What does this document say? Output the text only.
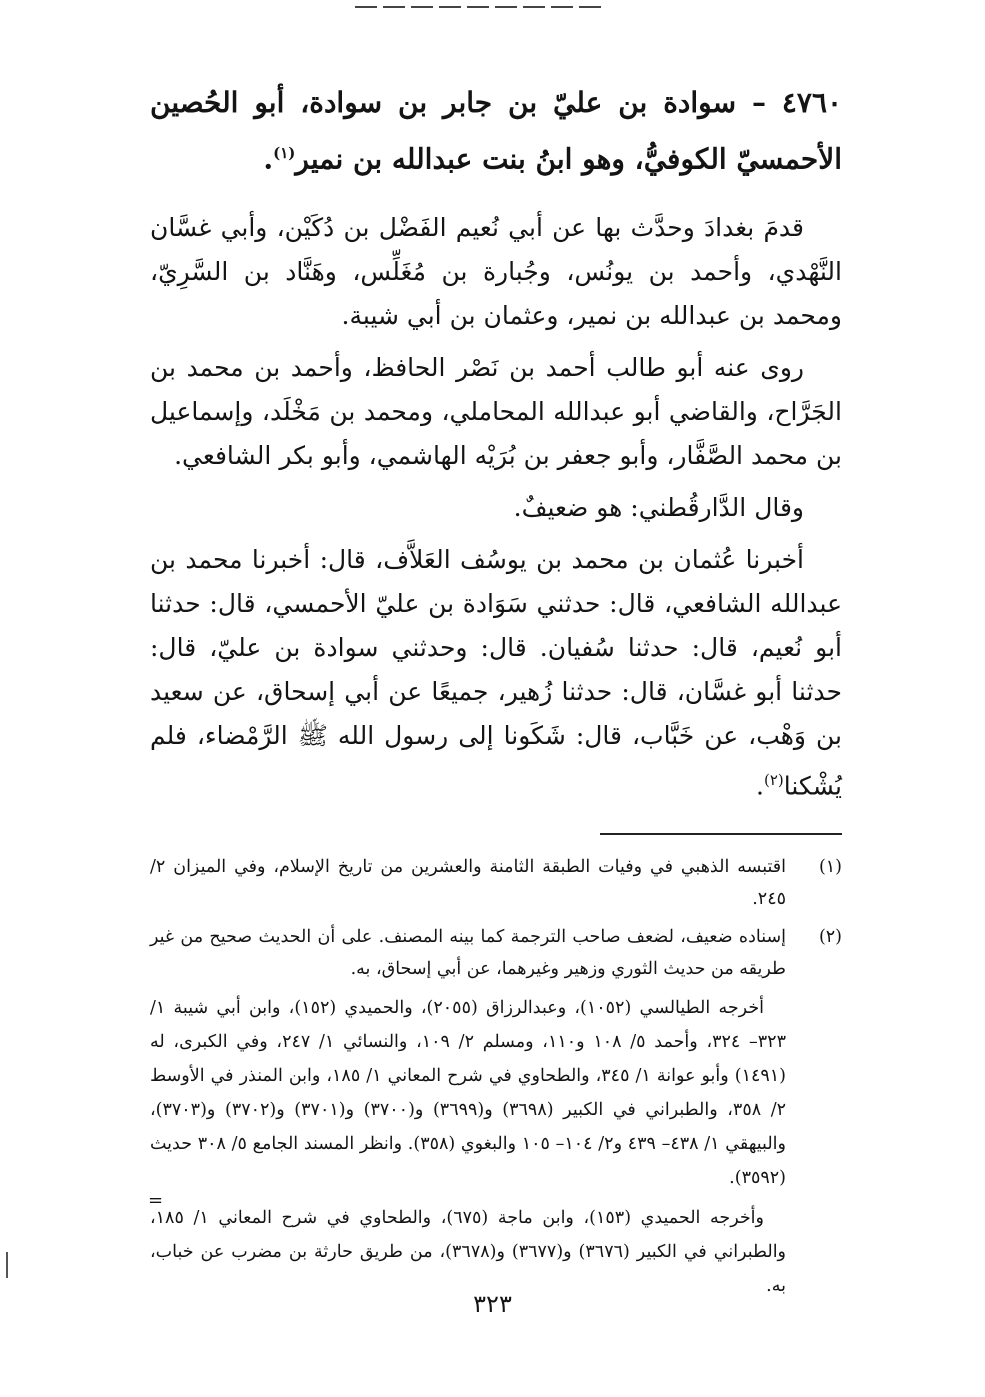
٤٧٦٠ – سوادة بن عليّ بن جابر بن سوادة، أبو الحُصين الأحمسيّ الكوفيُّ، وهو ابنُ بنت عبدالله بن نمير$^{(١)}$.

قدمَ بغدادَ وحدَّث بها عن أبي نُعيم الفَضْل بن دُكَيْن، وأبي غسَّان النَّهْدي، وأحمد بن يونُس، وجُبارة بن مُغَلِّس، وهَنَّاد بن السَّرِيّ، ومحمد بن عبدالله بن نمير، وعثمان بن أبي شيبة.

روى عنه أبو طالب أحمد بن نَصْر الحافظ، وأحمد بن محمد بن الجَرَّاح، والقاضي أبو عبدالله المحاملي، ومحمد بن مَخْلَد، وإسماعيل بن محمد الصَّفَّار، وأبو جعفر بن بُرَيْه الهاشمي، وأبو بكر الشافعي.

وقال الدَّارقُطني: هو ضعيفٌ.

أخبرنا عُثمان بن محمد بن يوسُف العَلاَّف، قال: أخبرنا محمد بن عبدالله الشافعي، قال: حدثني سَوَادة بن عليّ الأحمسي، قال: حدثنا أبو نُعيم، قال: حدثنا سُفيان. قال: وحدثني سوادة بن عليّ، قال: حدثنا أبو غسَّان، قال: حدثنا زُهير، جميعًا عن أبي إسحاق، عن سعيد بن وَهْب، عن خَبَّاب، قال: شَكَونا إلى رسول الله ﷺ الرَّمْضاء، فلم يُشْكنا$^{(٢)}$.

(١)
اقتبسه الذهبي في وفيات الطبقة الثامنة والعشرين من تاريخ الإسلام، وفي الميزان ٢/ ٢٤٥.
(٢)
إسناده ضعيف، لضعف صاحب الترجمة كما بينه المصنف. على أن الحديث صحيح من غير طريقه من حديث الثوري وزهير وغيرهما، عن أبي إسحاق، به.

أخرجه الطيالسي (١٠٥٢)، وعبدالرزاق (٢٠٥٥)، والحميدي (١٥٢)، وابن أبي شيبة ١/ ٣٢٣– ٣٢٤، وأحمد ٥/ ١٠٨ و١١٠، ومسلم ٢/ ١٠٩، والنسائي ١/ ٢٤٧، وفي الكبرى، له (١٤٩١) وأبو عوانة ١/ ٣٤٥، والطحاوي في شرح المعاني ١/ ١٨٥، وابن المنذر في الأوسط ٢/ ٣٥٨، والطبراني في الكبير (٣٦٩٨) و(٣٦٩٩) و(٣٧٠٠) و(٣٧٠١) و(٣٧٠٢) و(٣٧٠٣)، والبيهقي ١/ ٤٣٨– ٤٣٩ و٢/ ١٠٤– ١٠٥ والبغوي (٣٥٨). وانظر المسند الجامع ٥/ ٣٠٨ حديث (٣٥٩٢).

وأخرجه الحميدي (١٥٣)، وابن ماجة (٦٧٥)، والطحاوي في شرح المعاني ١/ ١٨٥، والطبراني في الكبير (٣٦٧٦) و(٣٦٧٧) و(٣٦٧٨)، من طريق حارثة بن مضرب عن خباب، به.

=
٣٢٣
